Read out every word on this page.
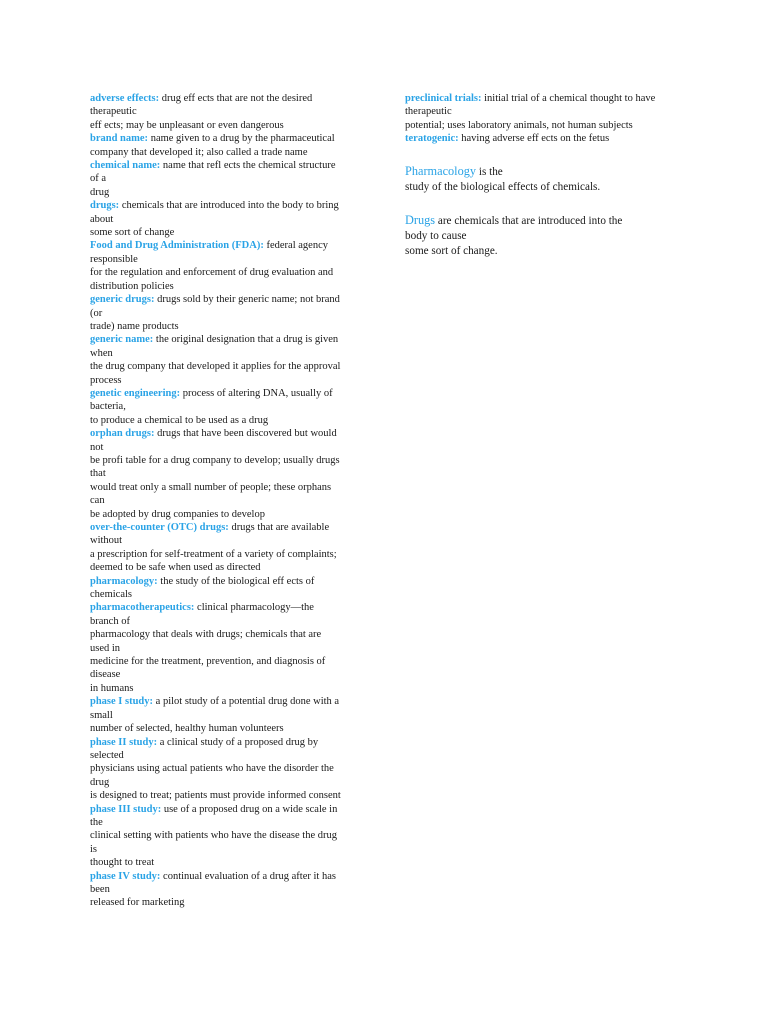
adverse effects: drug eff ects that are not the desired
therapeutic
eff ects; may be unpleasant or even dangerous
brand name: name given to a drug by the pharmaceutical
company that developed it; also called a trade name
chemical name: name that refl ects the chemical structure
of a
drug
drugs: chemicals that are introduced into the body to bring
about
some sort of change
Food and Drug Administration (FDA): federal agency
responsible
for the regulation and enforcement of drug evaluation and
distribution policies
generic drugs: drugs sold by their generic name; not brand
(or
trade) name products
generic name: the original designation that a drug is given
when
the drug company that developed it applies for the approval
process
genetic engineering: process of altering DNA, usually of
bacteria,
to produce a chemical to be used as a drug
orphan drugs: drugs that have been discovered but would
not
be profi table for a drug company to develop; usually drugs
that
would treat only a small number of people; these orphans
can
be adopted by drug companies to develop
over-the-counter (OTC) drugs: drugs that are available
without
a prescription for self-treatment of a variety of complaints;
deemed to be safe when used as directed
pharmacology: the study of the biological eff ects of
chemicals
pharmacotherapeutics: clinical pharmacology—the
branch of
pharmacology that deals with drugs; chemicals that are
used in
medicine for the treatment, prevention, and diagnosis of
disease
in humans
phase I study: a pilot study of a potential drug done with a
small
number of selected, healthy human volunteers
phase II study: a clinical study of a proposed drug by
selected
physicians using actual patients who have the disorder the
drug
is designed to treat; patients must provide informed consent
phase III study: use of a proposed drug on a wide scale in
the
clinical setting with patients who have the disease the drug
is
thought to treat
phase IV study: continual evaluation of a drug after it has
been
released for marketing
preclinical trials: initial trial of a chemical thought to have
therapeutic
potential; uses laboratory animals, not human subjects
teratogenic: having adverse eff ects on the fetus

Pharmacology is the
study of the biological effects of chemicals.

Drugs are chemicals that are introduced into the
body to cause
some sort of change.
